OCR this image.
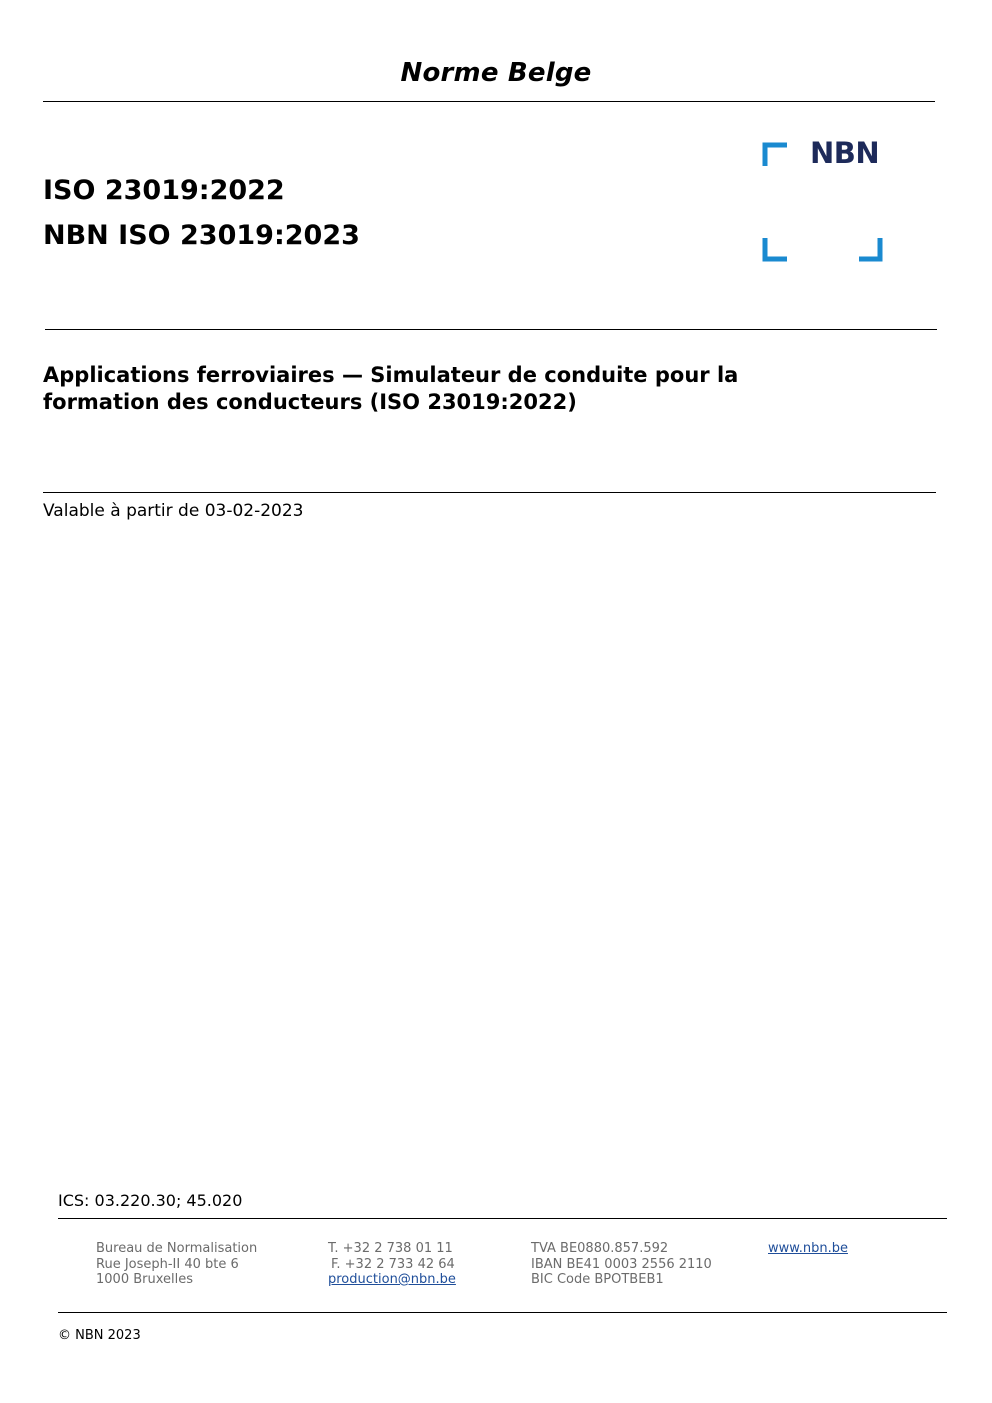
Norme Belge
ISO 23019:2022
NBN ISO 23019:2023
NBN
Applications ferroviaires — Simulateur de conduite pour la
formation des conducteurs (ISO 23019:2022)
Valable à partir de 03-02-2023
ICS: 03.220.30; 45.020
Bureau de Normalisation
Rue Joseph-II 40 bte 6
1000 Bruxelles
T. +32 2 738 01 11
F. +32 2 733 42 64
production@nbn.be
TVA BE0880.857.592
IBAN BE41 0003 2556 2110
BIC Code BPOTBEB1
www.nbn.be
© NBN 2023
